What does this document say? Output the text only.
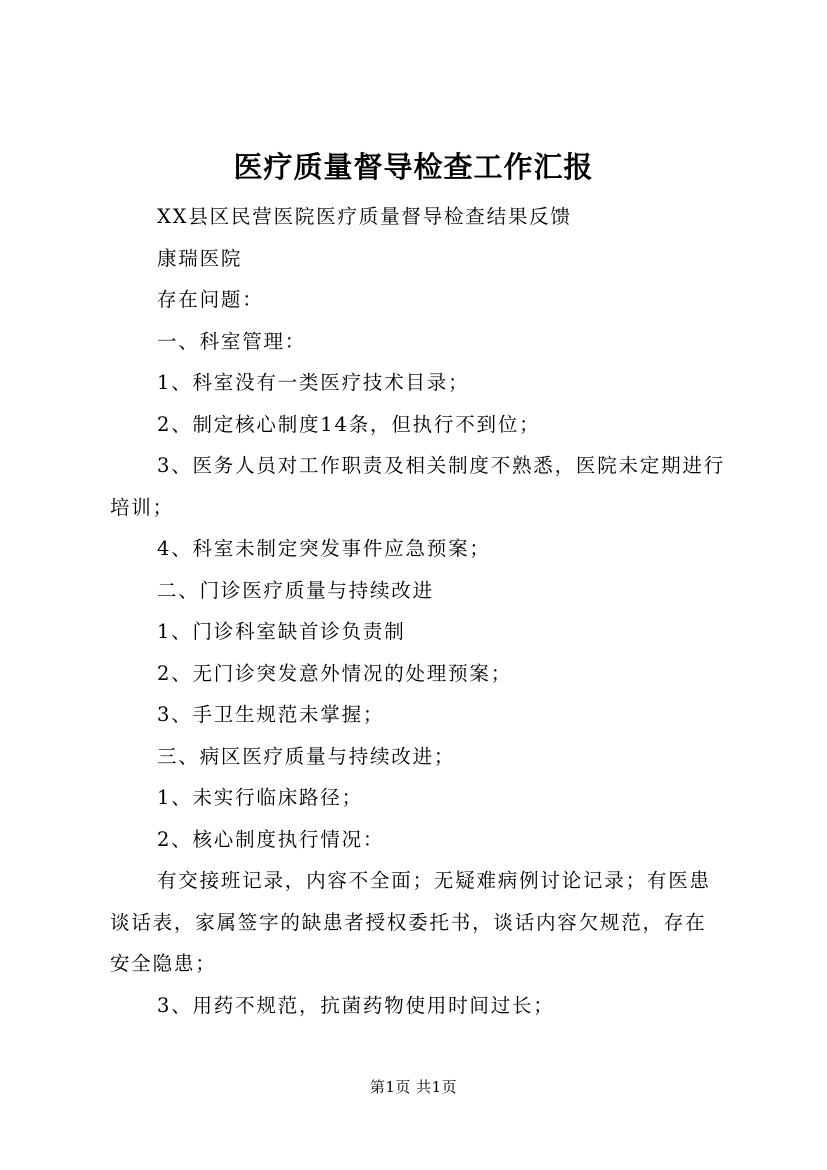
医疗质量督导检查工作汇报

XX县区民营医院医疗质量督导检查结果反馈

康瑞医院

存在问题：

一、科室管理：

1、科室没有一类医疗技术目录；

2、制定核心制度14条，但执行不到位；

3、医务人员对工作职责及相关制度不熟悉，医院未定期进行培训；

4、科室未制定突发事件应急预案；

二、门诊医疗质量与持续改进

1、门诊科室缺首诊负责制

2、无门诊突发意外情况的处理预案；

3、手卫生规范未掌握；

三、病区医疗质量与持续改进；

1、未实行临床路径；

2、核心制度执行情况：

有交接班记录，内容不全面；无疑难病例讨论记录；有医患谈话表，家属签字的缺患者授权委托书，谈话内容欠规范，存在安全隐患；

3、用药不规范，抗菌药物使用时间过长；

第1页 共1页
